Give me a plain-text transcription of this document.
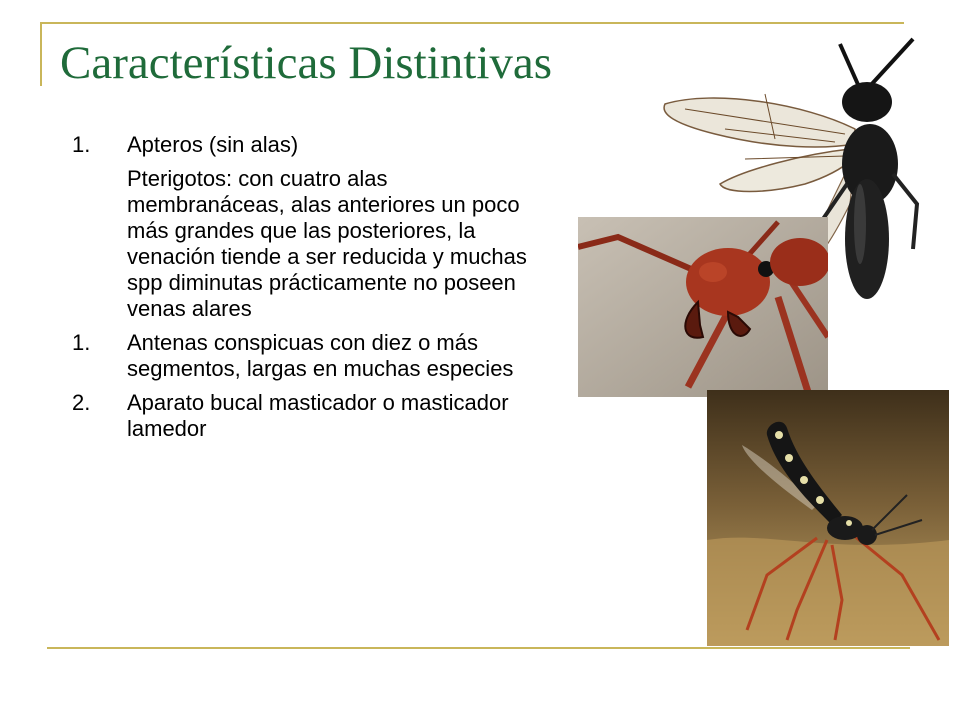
Características Distintivas
1.	Apteros (sin alas)
Pterigotos: con cuatro alas membranáceas, alas anteriores un poco más grandes que las posteriores, la venación tiende a ser reducida y muchas spp diminutas prácticamente no poseen venas alares
1.	Antenas conspicuas con diez o más segmentos, largas en muchas especies
2.	Aparato bucal masticador o masticador lamedor
